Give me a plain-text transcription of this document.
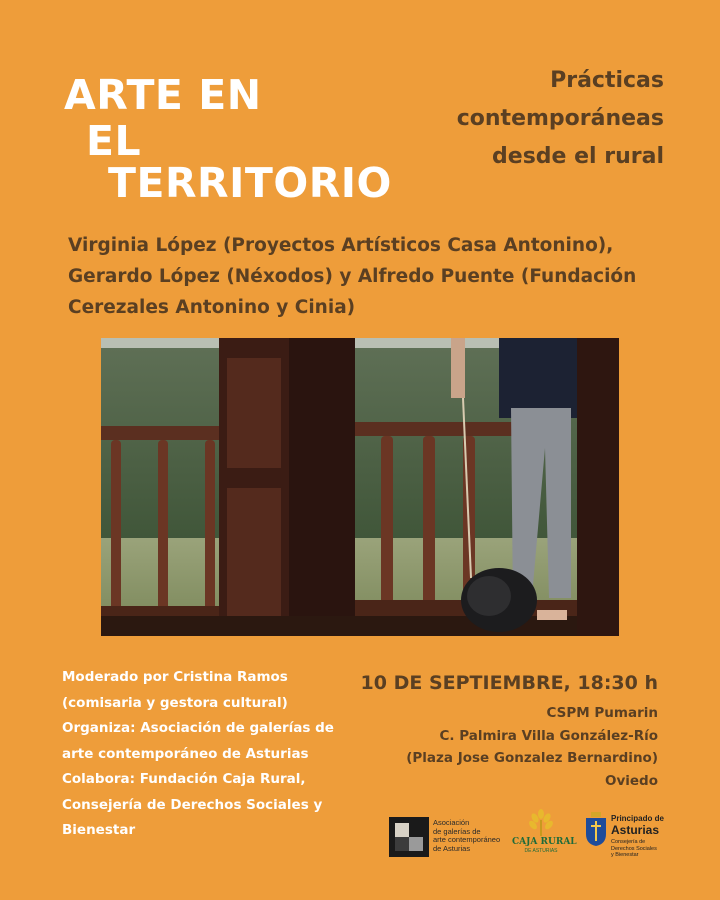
ARTE EN
EL
TERRITORIO
Prácticas
contemporáneas
desde el rural
Virginia López (Proyectos Artísticos Casa Antonino),
Gerardo López (Néxodos) y Alfredo Puente (Fundación
Cerezales Antonino y Cinia)
Moderado por Cristina Ramos
(comisaria y gestora cultural)
Organiza: Asociación de galerías de
arte contemporáneo de Asturias
Colabora: Fundación Caja Rural,
Consejería de Derechos Sociales y
Bienestar
10 DE SEPTIEMBRE, 18:30 h
CSPM Pumarin
C. Palmira Villa González-Río
(Plaza Jose Gonzalez Bernardino)
Oviedo
Asociación
de galerías de
arte contemporáneo
de Asturias
CAJA RURAL
DE ASTURIAS
Principado de
Asturias
Consejería de
Derechos Sociales
y Bienestar
